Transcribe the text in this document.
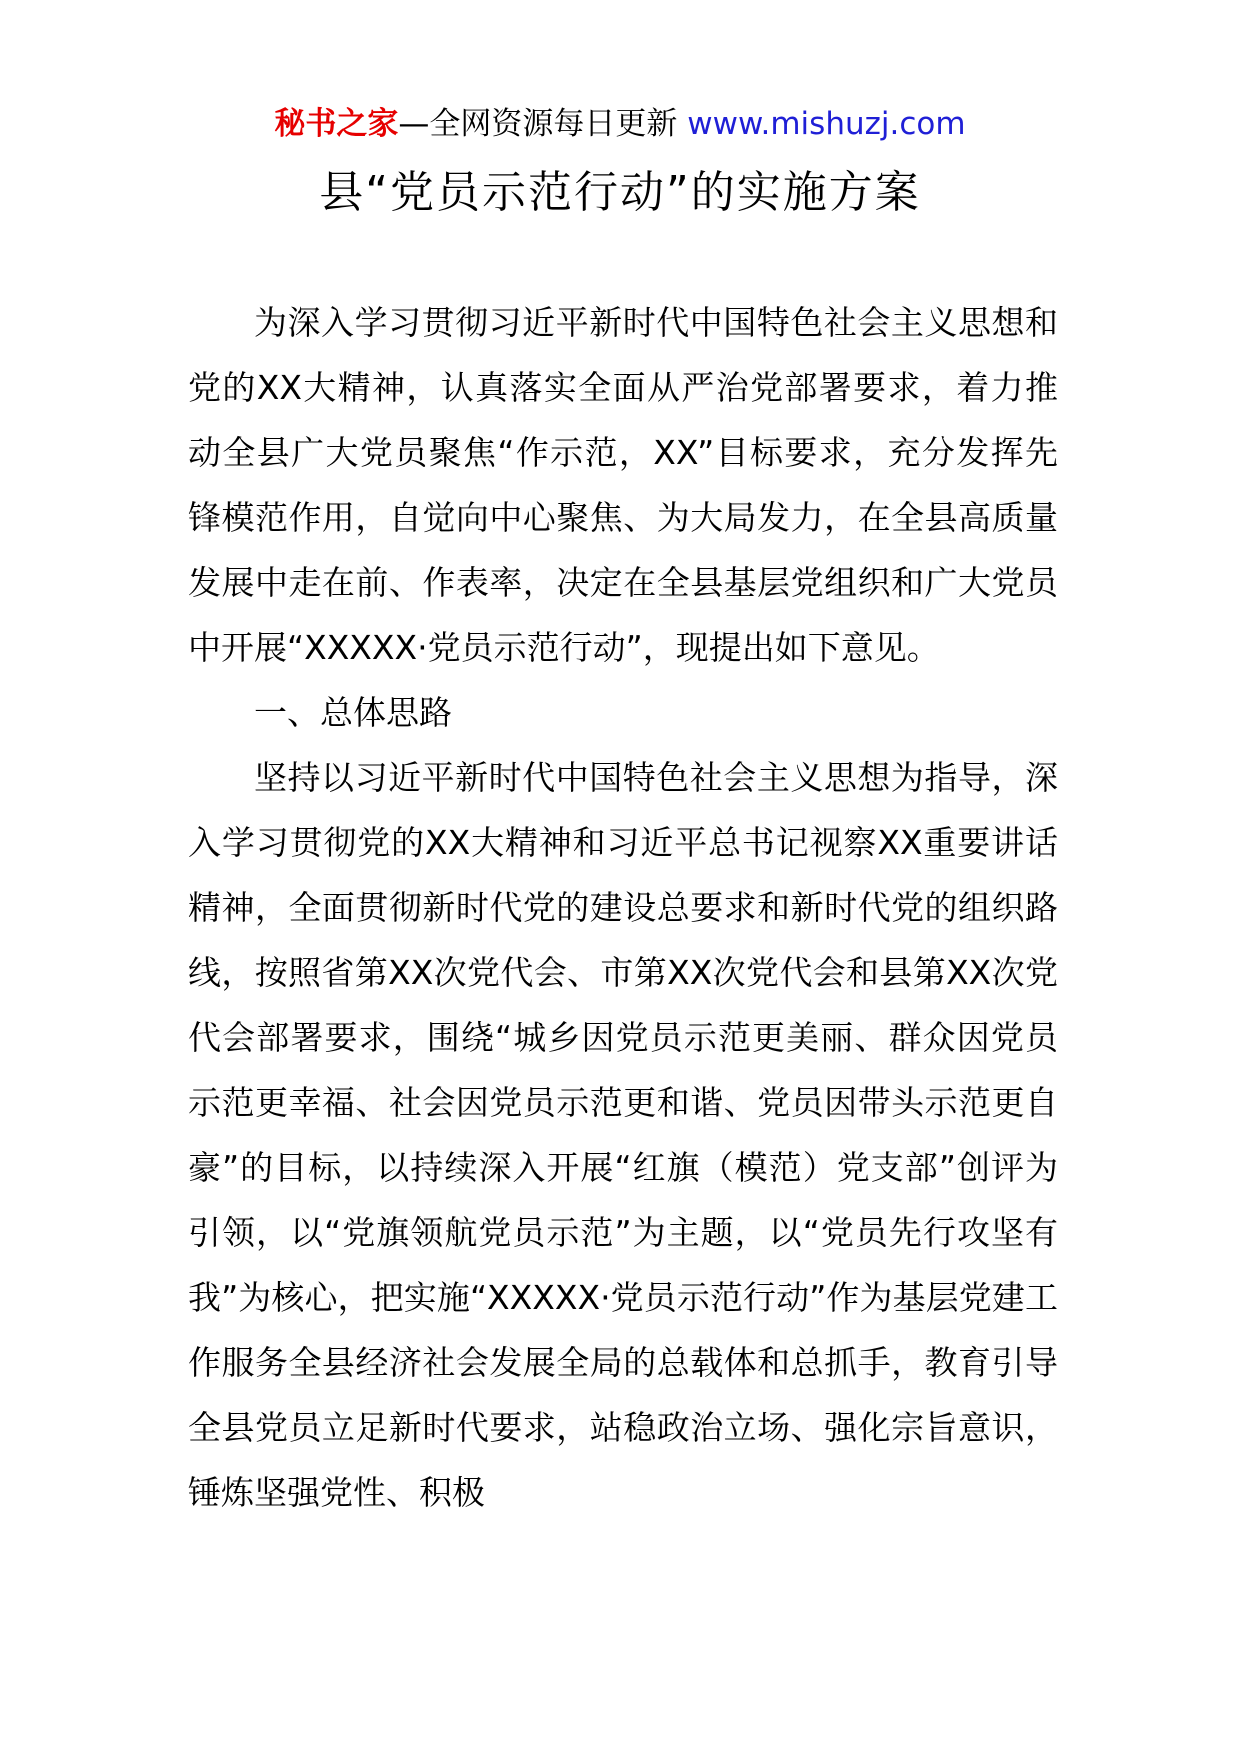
秘书之家—全网资源每日更新 www.mishuzj.com
县“党员示范行动”的实施方案

为深入学习贯彻习近平新时代中国特色社会主义思想和党的XX大精神，认真落实全面从严治党部署要求，着力推动全县广大党员聚焦“作示范，XX”目标要求，充分发挥先锋模范作用，自觉向中心聚焦、为大局发力，在全县高质量发展中走在前、作表率，决定在全县基层党组织和广大党员中开展“XXXXX·党员示范行动”，现提出如下意见。

一、总体思路

坚持以习近平新时代中国特色社会主义思想为指导，深入学习贯彻党的XX大精神和习近平总书记视察XX重要讲话精神，全面贯彻新时代党的建设总要求和新时代党的组织路线，按照省第XX次党代会、市第XX次党代会和县第XX次党代会部署要求，围绕“城乡因党员示范更美丽、群众因党员示范更幸福、社会因党员示范更和谐、党员因带头示范更自豪”的目标，以持续深入开展“红旗（模范）党支部”创评为引领，以“党旗领航党员示范”为主题，以“党员先行攻坚有我”为核心，把实施“XXXXX·党员示范行动”作为基层党建工作服务全县经济社会发展全局的总载体和总抓手，教育引导全县党员立足新时代要求，站稳政治立场、强化宗旨意识，锤炼坚强党性、积极
